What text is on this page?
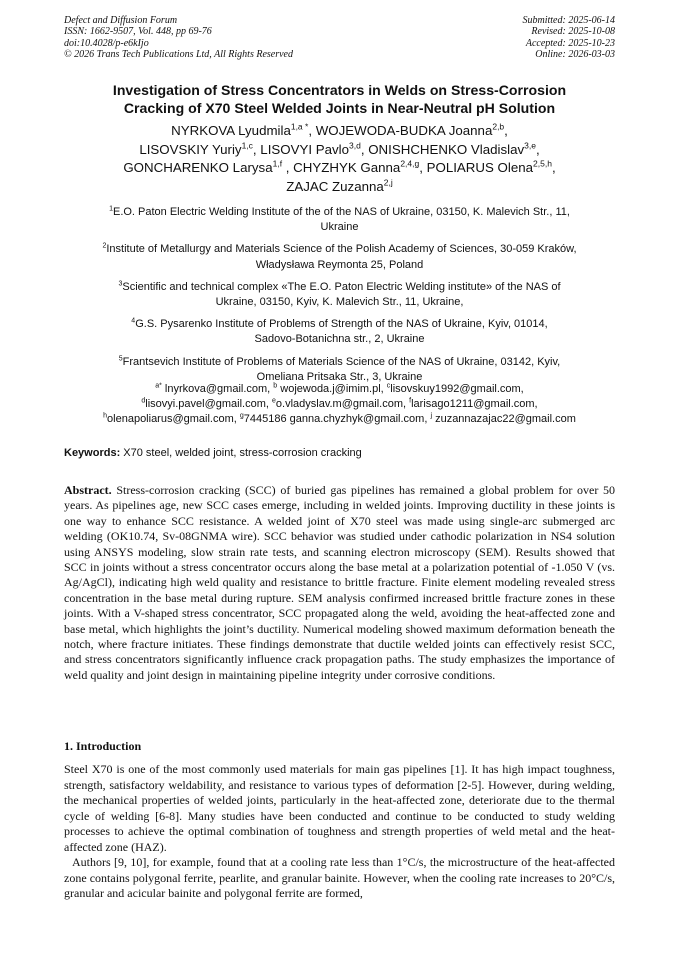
Defect and Diffusion Forum
ISSN: 1662-9507, Vol. 448, pp 69-76
doi:10.4028/p-e6kIjo
© 2026 Trans Tech Publications Ltd, All Rights Reserved
Submitted: 2025-06-14
Revised: 2025-10-08
Accepted: 2025-10-23
Online: 2026-03-03
Investigation of Stress Concentrators in Welds on Stress-Corrosion
Cracking of X70 Steel Welded Joints in Near-Neutral pH Solution
NYRKOVA Lyudmila$^{1,a *}$, WOJEWODA-BUDKA Joanna$^{2,b}$,
LISOVSKIY Yuriy$^{1,c}$, LISOVYI Pavlo$^{3,d}$, ONISHCHENKO Vladislav$^{3,e}$,
GONCHARENKO Larysa$^{1,f}$ , CHYZHYK Ganna$^{2,4,g}$, POLIARUS Olena$^{2,5,h}$,
ZAJAC Zuzanna$^{2,j}$
$^1$E.O. Paton Electric Welding Institute of the of the NAS of Ukraine, 03150, K. Malevich Str., 11,
Ukraine
$^2$Institute of Metallurgy and Materials Science of the Polish Academy of Sciences, 30-059 Kraków,
Władysława Reymonta 25, Poland
$^3$Scientific and technical complex «The E.O. Paton Electric Welding institute» of the NAS of
Ukraine, 03150, Kyiv, K. Malevich Str., 11, Ukraine,
$^4$G.S. Pysarenko Institute of Problems of Strength of the NAS of Ukraine, Kyiv, 01014,
Sadovo-Botanichna str., 2, Ukraine
$^5$Frantsevich Institute of Problems of Materials Science of the NAS of Ukraine, 03142, Kyiv,
Omeliana Pritsaka Str., 3, Ukraine
$^{a*}$ lnyrkova@gmail.com, $^b$ wojewoda.j@imim.pl, $^c$lisovskuy1992@gmail.com,
$^d$lisovyi.pavel@gmail.com, $^e$o.vladyslav.m@gmail.com, $^f$larisago1211@gmail.com,
$^h$olenapoliarus@gmail.com, $^g$7445186 ganna.chyzhyk@gmail.com, $^j$ zuzannazajac22@gmail.com
Keywords: X70 steel, welded joint, stress-corrosion cracking
Abstract. Stress-corrosion cracking (SCC) of buried gas pipelines has remained a global problem for over 50 years. As pipelines age, new SCC cases emerge, including in welded joints. Improving ductility in these joints is one way to enhance SCC resistance. A welded joint of X70 steel was made using single-arc submerged arc welding (OK10.74, Sv-08GNMA wire). SCC behavior was studied under cathodic polarization in NS4 solution using ANSYS modeling, slow strain rate tests, and scanning electron microscopy (SEM). Results showed that SCC in joints without a stress concentrator occurs along the base metal at a polarization potential of -1.050 V (vs. Ag/AgCl), indicating high weld quality and resistance to brittle fracture. Finite element modeling revealed stress concentration in the base metal during rupture. SEM analysis confirmed increased brittle fracture zones in these joints. With a V-shaped stress concentrator, SCC propagated along the weld, avoiding the heat-affected zone and base metal, which highlights the joint’s ductility. Numerical modeling showed maximum deformation beneath the notch, where fracture initiates. These findings demonstrate that ductile welded joints can effectively resist SCC, and stress concentrators significantly influence crack propagation paths. The study emphasizes the importance of weld quality and joint design in maintaining pipeline integrity under corrosive conditions.
1. Introduction

Steel X70 is one of the most commonly used materials for main gas pipelines [1]. It has high impact toughness, strength, satisfactory weldability, and resistance to various types of deformation [2-5]. However, during welding, the mechanical properties of welded joints, particularly in the heat-affected zone, deteriorate due to the thermal cycle of welding [6-8]. Many studies have been conducted and continue to be conducted to study welding processes to achieve the optimal combination of toughness and strength properties of weld metal and the heat-affected zone (HAZ).

Authors [9, 10], for example, found that at a cooling rate less than 1°C/s, the microstructure of the heat-affected zone contains polygonal ferrite, pearlite, and granular bainite. However, when the cooling rate increases to 20°C/s, granular and acicular bainite and polygonal ferrite are formed,
